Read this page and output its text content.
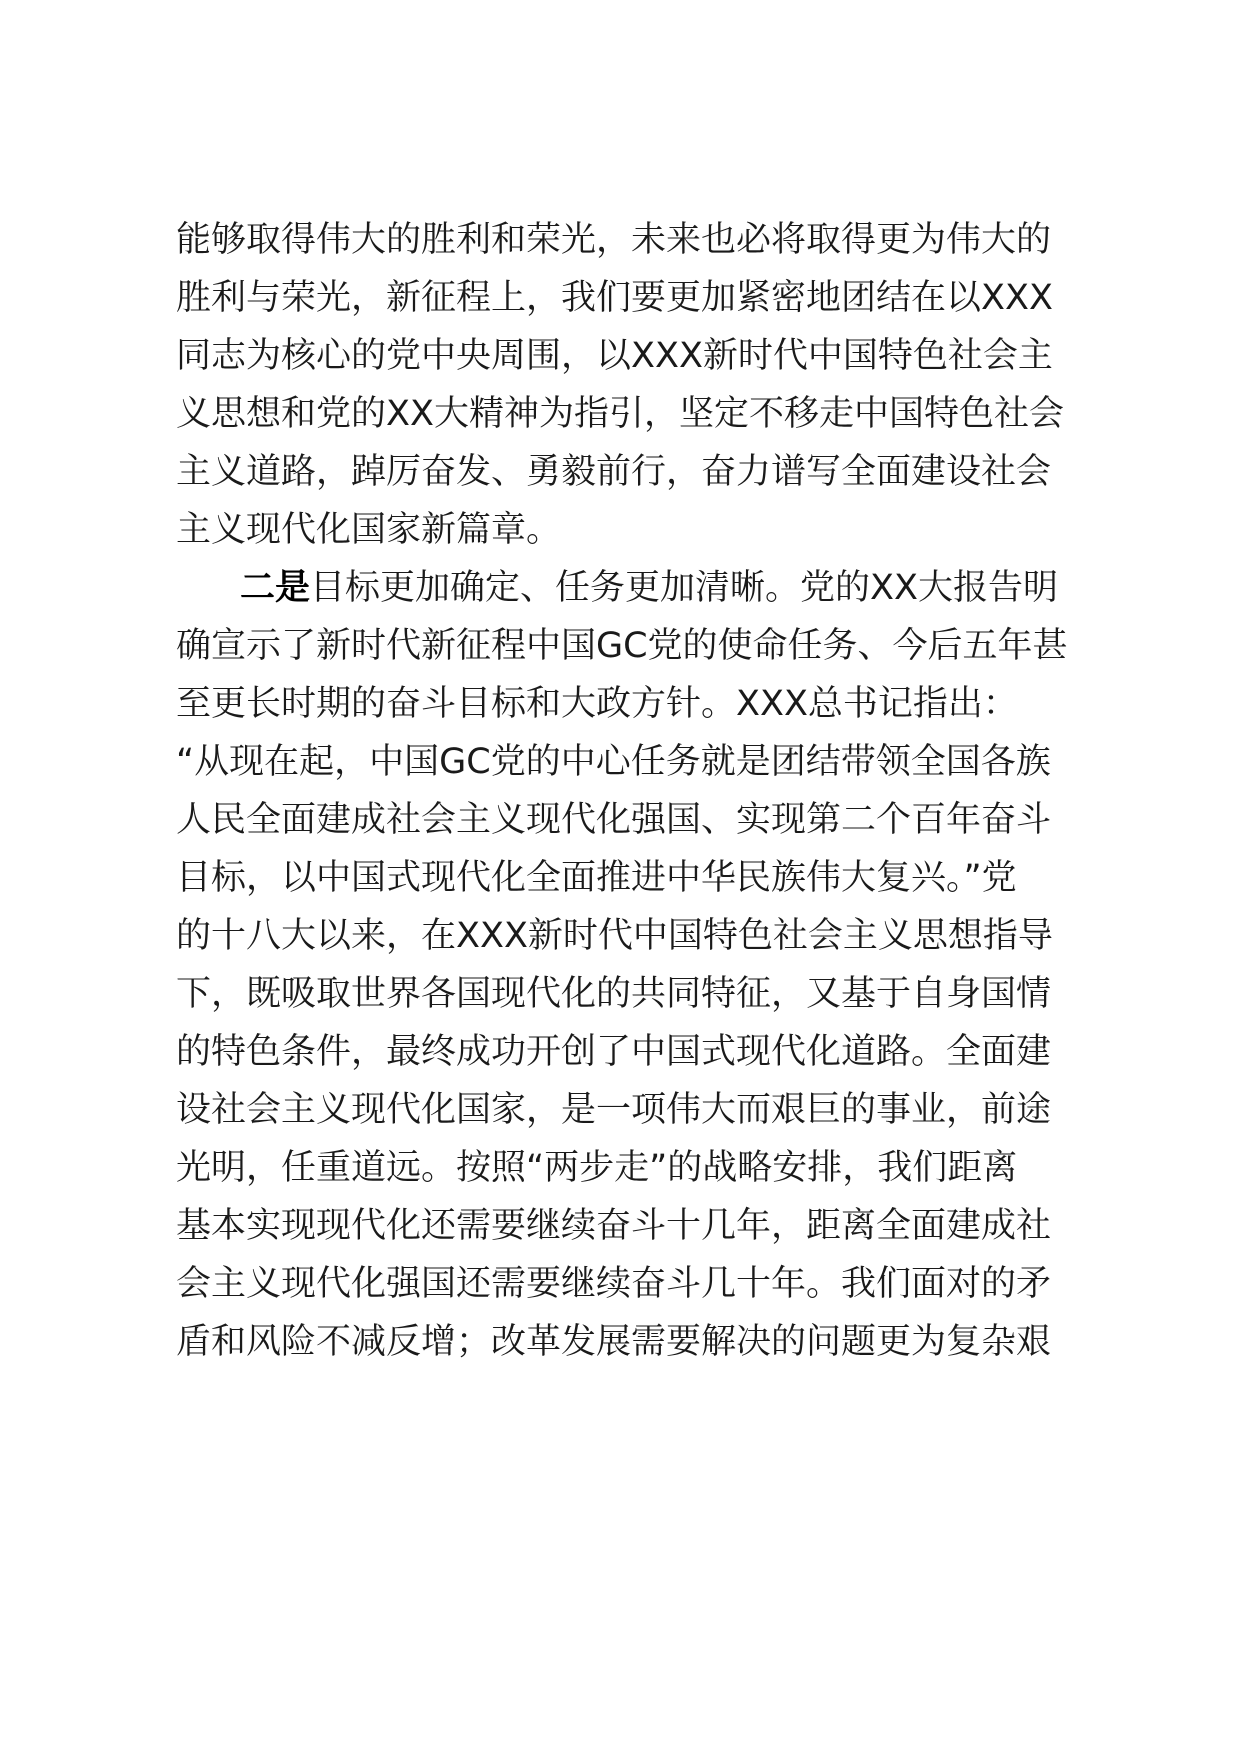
能够取得伟大的胜利和荣光，未来也必将取得更为伟大的
胜利与荣光，新征程上，我们要更加紧密地团结在以XXX
同志为核心的党中央周围，以XXX新时代中国特色社会主
义思想和党的XX大精神为指引，坚定不移走中国特色社会
主义道路，踔厉奋发、勇毅前行，奋力谱写全面建设社会
主义现代化国家新篇章。
二是目标更加确定、任务更加清晰。党的XX大报告明
确宣示了新时代新征程中国GC党的使命任务、今后五年甚
至更长时期的奋斗目标和大政方针。XXX总书记指出：
“从现在起，中国GC党的中心任务就是团结带领全国各族
人民全面建成社会主义现代化强国、实现第二个百年奋斗
目标，以中国式现代化全面推进中华民族伟大复兴。”党
的十八大以来，在XXX新时代中国特色社会主义思想指导
下，既吸取世界各国现代化的共同特征，又基于自身国情
的特色条件，最终成功开创了中国式现代化道路。全面建
设社会主义现代化国家，是一项伟大而艰巨的事业，前途
光明，任重道远。按照“两步走”的战略安排，我们距离
基本实现现代化还需要继续奋斗十几年，距离全面建成社
会主义现代化强国还需要继续奋斗几十年。我们面对的矛
盾和风险不减反增；改革发展需要解决的问题更为复杂艰
